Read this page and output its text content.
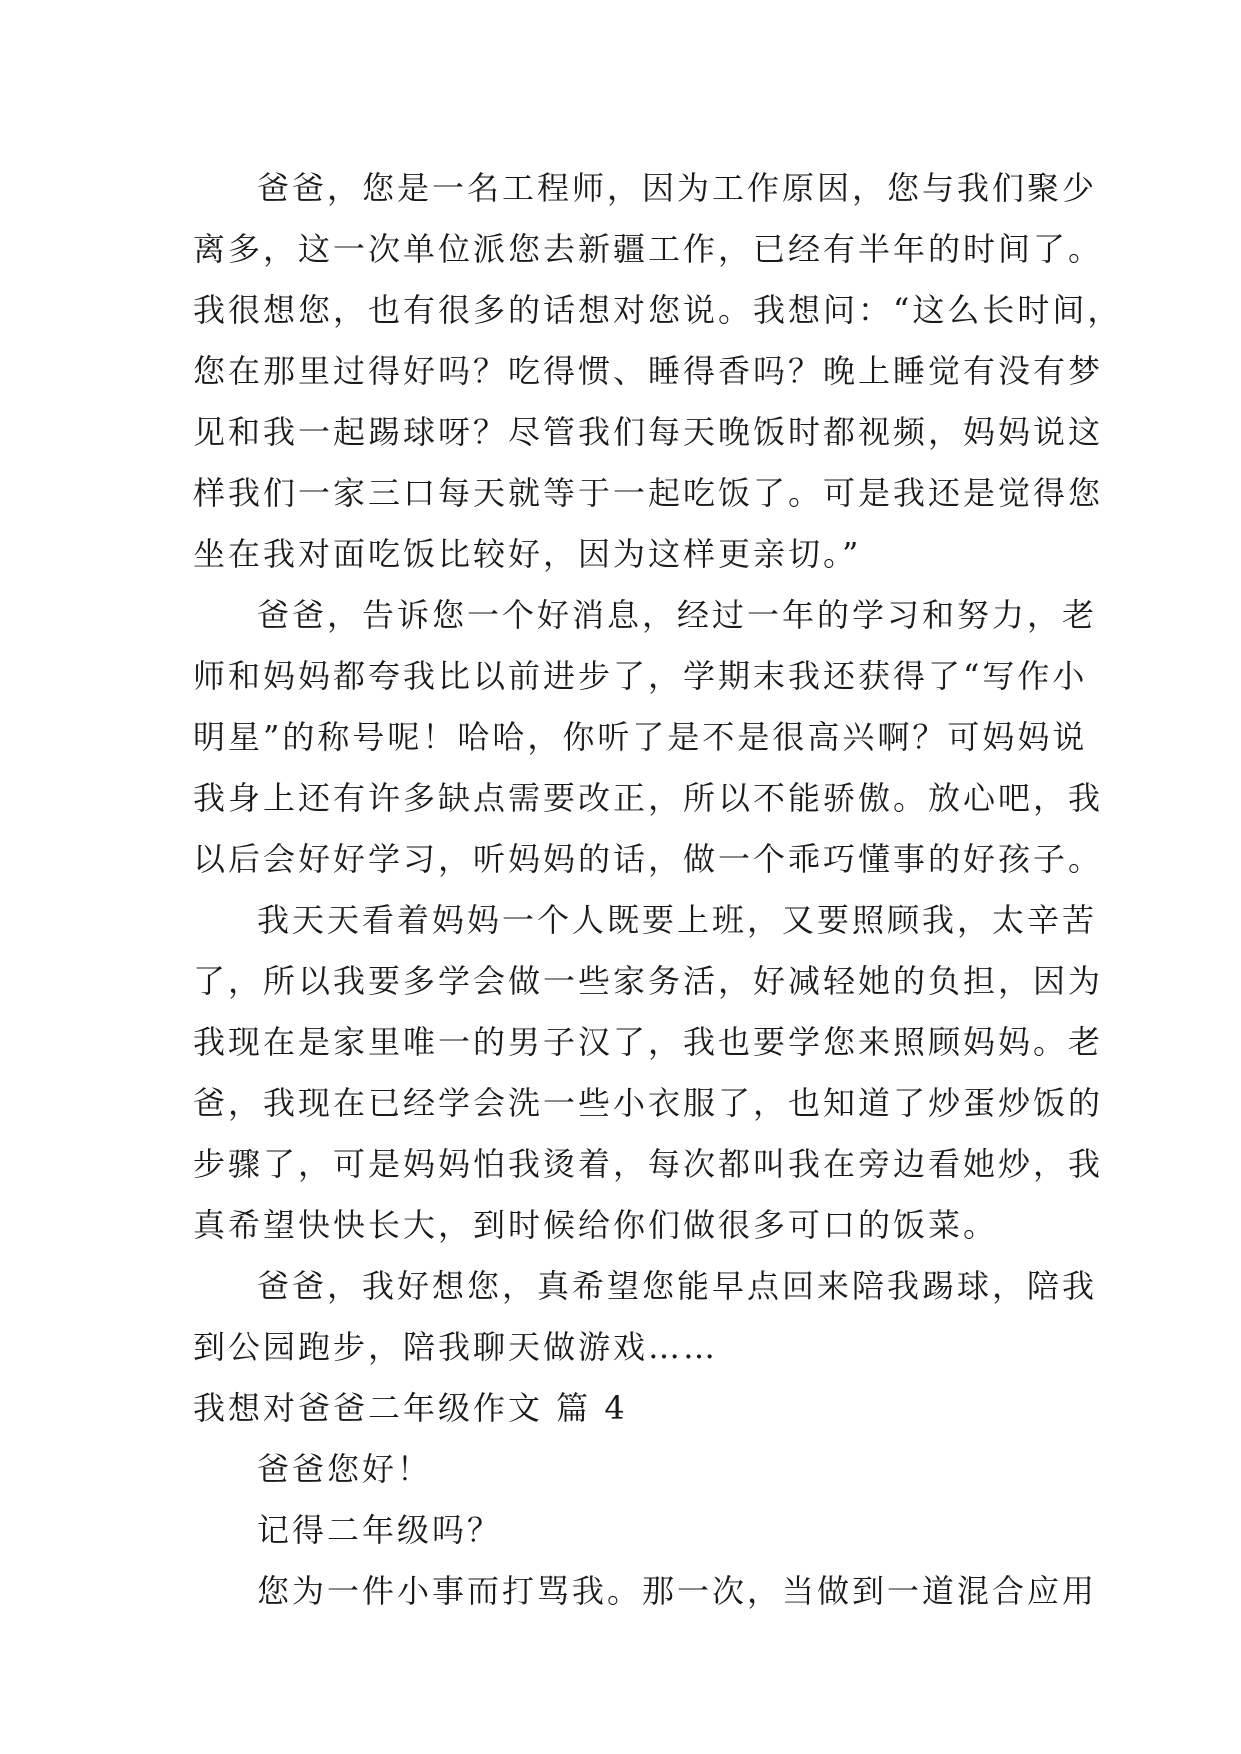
爸爸，您是一名工程师，因为工作原因，您与我们聚少
离多，这一次单位派您去新疆工作，已经有半年的时间了。
我很想您，也有很多的话想对您说。我想问：“这么长时间，
您在那里过得好吗？吃得惯、睡得香吗？晚上睡觉有没有梦
见和我一起踢球呀？尽管我们每天晚饭时都视频，妈妈说这
样我们一家三口每天就等于一起吃饭了。可是我还是觉得您
坐在我对面吃饭比较好，因为这样更亲切。”
爸爸，告诉您一个好消息，经过一年的学习和努力，老
师和妈妈都夸我比以前进步了，学期末我还获得了“写作小
明星”的称号呢！哈哈，你听了是不是很高兴啊？可妈妈说
我身上还有许多缺点需要改正，所以不能骄傲。放心吧，我
以后会好好学习，听妈妈的话，做一个乖巧懂事的好孩子。
我天天看着妈妈一个人既要上班，又要照顾我，太辛苦
了，所以我要多学会做一些家务活，好减轻她的负担，因为
我现在是家里唯一的男子汉了，我也要学您来照顾妈妈。老
爸，我现在已经学会洗一些小衣服了，也知道了炒蛋炒饭的
步骤了，可是妈妈怕我烫着，每次都叫我在旁边看她炒，我
真希望快快长大，到时候给你们做很多可口的饭菜。
爸爸，我好想您，真希望您能早点回来陪我踢球，陪我
到公园跑步，陪我聊天做游戏……
我想对爸爸二年级作文 篇 4
爸爸您好！
记得二年级吗？
您为一件小事而打骂我。那一次，当做到一道混合应用
